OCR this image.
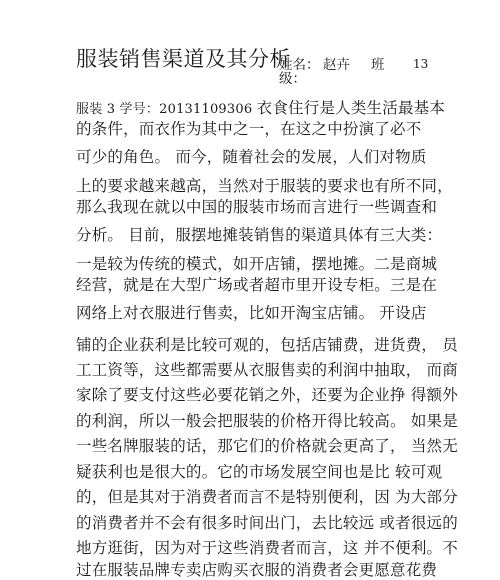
服装销售渠道及其分析
姓名： 赵卉 班 13
级：
服装 3 学号：20131109306 衣食住行是人类生活最基本
的条件，而衣作为其中之一，在这之中扮演了必不
可少的角色。 而今，随着社会的发展，人们对物质
上的要求越来越高，当然对于服装的要求也有所不同，
那么我现在就以中国的服装市场而言进行一些调查和
分析。 目前，服摆地摊装销售的渠道具体有三大类：
一是较为传统的模式，如开店铺，摆地摊。二是商城
经营，就是在大型广场或者超市里开设专柜。三是在
网络上对衣服进行售卖，比如开淘宝店铺。 开设店
铺的企业获利是比较可观的，包括店铺费，进货费， 员
工工资等，这些都需要从衣服售卖的利润中抽取， 而商
家除了要支付这些必要花销之外，还要为企业挣 得额外
的利润，所以一般会把服装的价格开得比较高。 如果是
一些名牌服装的话，那它们的价格就会更高了， 当然无
疑获利也是很大的。它的市场发展空间也是比 较可观
的，但是其对于消费者而言不是特别便利，因 为大部分
的消费者并不会有很多时间出门，去比较远 或者很远的
地方逛街，因为对于这些消费者而言，这 并不便利。不
过在服装品牌专卖店购买衣服的消费者会更愿意花费
